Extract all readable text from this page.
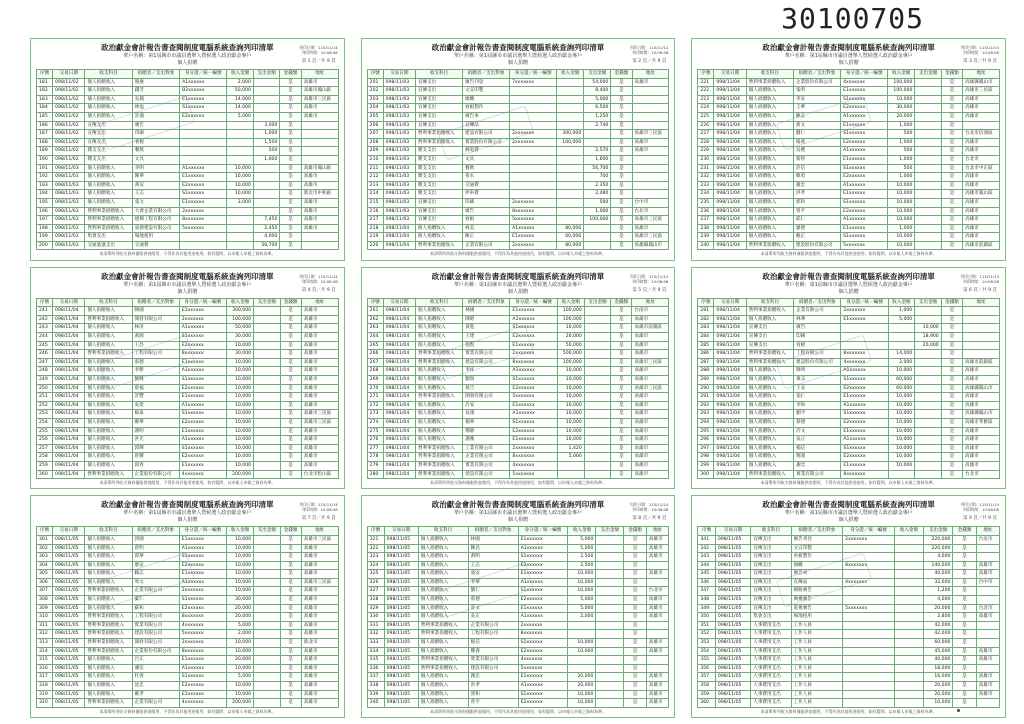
30100705
政治獻金會計報告書查閱制度電腦系統查詢列印清單
華戶名稱：第1屆縣市市議員選舉人暨候選人政治獻金專戶
個人捐贈
列印日期：115/11/14
列印時間：10:08:08
第 1 頁／共 9 頁
序號	交易日期	收支科目	捐贈者／支出對象	身分證／統一編號	收入金額	支出金額	金錢類	地址
181	098/11/02	個人捐贈收入	簡慶	A1xxxxxx	2,000		是	高雄市
182	098/11/02	個人捐贈收入	錢芳	B2xxxxxx	50,000		是	高雄市鳳山區
183	098/11/02	個人捐贈收入	吳鳳	E1xxxxxx	14,000		是	高雄市三民區
184	098/11/02	個人捐贈收入	林盈	S1xxxxxx	14,000		是	高雄市
185	098/11/02	個人捐贈收入	許鴻	E2xxxxxx	5,000		是	高雄市
186	098/11/02	宣傳支出	廣告			3,000	是	
187	098/11/02	宣傳支出	印刷			1,000	是	
188	098/11/02	宣傳支出	看板			1,500	是	
189	098/11/02	雜支支出	餐飲			500	是	
190	098/11/02	雜支支出	文具			1,000	是	
191	098/11/03	個人捐贈收入	李明	A1xxxxxx	10,000		是	高雄市鳳山區
192	098/11/03	個人捐贈收入	陳華	E1xxxxxx	10,000		是	高雄市
193	098/11/03	個人捐贈收入	黃安	E2xxxxxx	10,000		是	高雄市
194	098/11/03	個人捐贈收入	王志	S1xxxxxx	10,000		是	新北市中和區
195	098/11/03	個人捐贈收入	張文	E1xxxxxx	3,000		是	高雄市
196	098/11/03	營利事業捐贈收入	大發企業有限公司	2xxxxxxx			是	高雄市
197	098/11/03	營利事業捐贈收入	德興工程有限公司	8xxxxxxx		7,450	是	高雄市
198	098/11/03	營利事業捐贈收入	東源建設有限公司	5xxxxxxx		2,450	是	高雄市
199	098/11/03	集會支出	場地租用			4,000	是	
200	098/11/03	交通旅運支出	交通費			56,700	是	
本清單所列收支資料僅限供查閱用，不得作為其他用途使用，如有疑問，以申報人申報之資料為準。
政治獻金會計報告書查閱制度電腦系統查詢列印清單
華戶名稱：第1屆縣市市議員選舉人暨候選人政治獻金專戶
個人捐贈
列印日期：115/11/14
列印時間：10:08:08
第 2 頁／共 9 頁
序號	交易日期	收支科目	捐贈者／支出對象	身分證／統一編號	收入金額	支出金額	金錢類	地址
201	098/11/03	宣傳支出	廣告刊登	7xxxxxxx		54,000	是	高雄市
202	098/11/03	宣傳支出	文宣印製			8,400	是	
203	098/11/03	宣傳支出	旗幟			5,000	是	
204	098/11/03	宣傳支出	看板製作			6,500	是	
205	098/11/03	宣傳支出	廣告車			1,250	是	
206	098/11/03	宣傳支出	宣傳品			2,740	是	
207	098/11/03	營利事業捐贈收入	建設有限公司	2xxxxxxx	300,000		是	高雄市三民區
208	098/11/03	營利事業捐贈收入	實業股份有限公司	2xxxxxxx	100,000		是	高雄市
209	098/11/03	雜支支出	郵電費			2,570	是	高雄市
210	098/11/03	雜支支出	文具			1,600	是	
211	098/11/03	雜支支出	餐飲			56,700	是	
212	098/11/03	雜支支出	茶水			700	是	
213	098/11/03	雜支支出	交通費			2,350	是	
214	098/11/03	雜支支出	停車費			2,480	是	
215	098/11/03	宣傳支出	印刷	2xxxxxxx		500	是	台中市
216	098/11/03	宣傳支出	廣告	8xxxxxxx		1,000	是	台北市
217	098/11/03	宣傳支出	看板	5xxxxxxx		100,000	是	高雄市三民區
218	098/11/04	個人捐贈收入	林美	A1xxxxxx	80,000		是	高雄市
219	098/11/04	個人捐贈收入	陳正	E1xxxxxx	60,000		是	高雄市三民區
220	098/11/04	營利事業捐贈收入	企業有限公司	2xxxxxxx	80,000		是	高雄縣鳳山市
本清單所列收支資料僅限供查閱用，不得作為其他用途使用，如有疑問，以申報人申報之資料為準。
政治獻金會計報告書查閱制度電腦系統查詢列印清單
華戶名稱：第1屆縣市市議員選舉人暨候選人政治獻金專戶
個人捐贈
列印日期：115/11/14
列印時間：10:08:08
第 3 頁／共 9 頁
序號	交易日期	收支科目	捐贈者／支出對象	身分證／統一編號	收入金額	支出金額	金錢類	地址
221	098/11/04	營利事業捐贈收入	企業股份有限公司	4xxxxxxx	100,000		是	高雄縣鳳山市
222	098/11/04	個人捐贈收入	張明	E1xxxxxx	100,000		是	高雄市三民區
223	098/11/04	個人捐贈收入	李安	S1xxxxxx	10,000		是	高雄市
224	098/11/04	個人捐贈收入	王華	E2xxxxxx	30,000		是	高雄市
225	098/11/04	個人捐贈收入	陳志	A1xxxxxx	20,000		是	高雄市
226	098/11/04	個人捐贈收入	黃文	E1xxxxxx	1,000		是	
227	098/11/04	個人捐贈收入	劉仁	S1xxxxxx	500		是	台北市信義區
228	098/11/04	個人捐贈收入	楊義	E2xxxxxx	1,000		是	高雄市
229	098/11/04	個人捐贈收入	吳禮	A1xxxxxx	500		是	高雄市
230	098/11/04	個人捐贈收入	蔡智	E1xxxxxx	1,000		是	台北市
231	098/11/04	個人捐贈收入	許信	S1xxxxxx	500		是	台北市中正區
232	098/11/04	個人捐贈收入	鄭勇	E2xxxxxx	1,000		是	高雄市
233	098/11/04	個人捐贈收入	謝忠	A1xxxxxx	10,000		是	高雄市
234	098/11/04	個人捐贈收入	洪孝	E1xxxxxx	10,000		是	高雄市鳳山區
235	098/11/04	個人捐贈收入	郭和	S1xxxxxx	10,000		是	高雄市
236	098/11/04	個人捐贈收入	曾平	E2xxxxxx	10,000		是	高雄市
237	098/11/04	個人捐贈收入	邱仁	A1xxxxxx	10,000		是	高雄市
238	098/11/04	個人捐贈收入	廖德	E1xxxxxx	1,000		是	高雄市
239	098/11/04	個人捐贈收入	賴正	S1xxxxxx	10,000		是	高雄市
240	098/11/04	營利事業捐贈收入	建設股份有限公司	5xxxxxxx	10,000		是	高雄市前鎮區
本清單所列收支資料僅限供查閱用，不得作為其他用途使用，如有疑問，以申報人申報之資料為準。
政治獻金會計報告書查閱制度電腦系統查詢列印清單
華戶名稱：第1屆縣市市議員選舉人暨候選人政治獻金專戶
個人捐贈
列印日期：115/11/14
列印時間：10:08:08
第 4 頁／共 9 頁
序號	交易日期	收支科目	捐贈者／支出對象	身分證／統一編號	收入金額	支出金額	金錢類	地址
241	098/11/04	個人捐贈收入	陳國	E1xxxxxx	300,000		是	高雄市
242	098/11/04	營利事業捐贈收入	開發有限公司	2xxxxxxx	100,000		是	高雄市
243	098/11/04	個人捐贈收入	林清	A1xxxxxx	50,000		是	高雄市
244	098/11/04	個人捐贈收入	黃源	S1xxxxxx	30,000		是	高雄市
245	098/11/04	個人捐贈收入	王昌	E2xxxxxx	10,000		是	高雄市
246	098/11/04	營利事業捐贈收入	工程有限公司	8xxxxxxx	30,000		是	高雄市
247	098/11/04	個人捐贈收入	張德	E1xxxxxx	10,000		是	高雄市
248	098/11/04	個人捐贈收入	李勝	A1xxxxxx	10,000		是	高雄市
249	098/11/04	個人捐贈收入	劉興	S1xxxxxx	10,000		是	高雄市
250	098/11/04	個人捐贈收入	蔡福	E2xxxxxx	10,000		是	高雄市
251	098/11/04	個人捐贈收入	許豐	E1xxxxxx	10,000		是	高雄市
252	098/11/04	個人捐贈收入	吳榮	A1xxxxxx	10,000		是	高雄市
253	098/11/04	個人捐贈收入	楊泰	S1xxxxxx	10,000		是	高雄市三民區
254	098/11/04	個人捐贈收入	鄭華	E2xxxxxx	10,000		是	高雄市三民區
255	098/11/04	個人捐贈收入	謝明	E1xxxxxx	10,000		是	高雄市
256	098/11/04	個人捐贈收入	洪光	A1xxxxxx	10,000		是	高雄市
257	098/11/04	個人捐贈收入	郭輝	S1xxxxxx	10,000		是	高雄市
258	098/11/04	個人捐贈收入	曾耀	E2xxxxxx	10,000		是	高雄市
259	098/11/04	個人捐贈收入	邱春	E1xxxxxx	10,000		是	高雄市
260	098/11/04	營利事業捐贈收入	企業股份有限公司	4xxxxxxx	200,000		是	台北市松山區
本清單所列收支資料僅限供查閱用，不得作為其他用途使用，如有疑問，以申報人申報之資料為準。
政治獻金會計報告書查閱制度電腦系統查詢列印清單
華戶名稱：第1屆縣市市議員選舉人暨候選人政治獻金專戶
個人捐贈
列印日期：115/11/14
列印時間：10:08:08
第 5 頁／共 9 頁
序號	交易日期	收支科目	捐贈者／支出對象	身分證／統一編號	收入金額	支出金額	金錢類	地址
261	098/11/04	個人捐贈收入	林國	E1xxxxxx	100,000		是	台南市
262	098/11/04	個人捐贈收入	陳昭	A1xxxxxx	100,000		是	高雄市
263	098/11/04	個人捐贈收入	黃進	S1xxxxxx	10,000		是	高雄市前鎮區
264	098/11/04	個人捐贈收入	王建	E2xxxxxx	20,000		是	高雄市
265	098/11/04	個人捐贈收入	張賢	E1xxxxxx	50,000		是	高雄市
266	098/11/04	營利事業捐贈收入	實業有限公司	2xxxxxxx	500,000		是	高雄市
267	098/11/04	營利事業捐贈收入	建設有限公司	8xxxxxxx	100,000		是	高雄市三民區
268	098/11/04	個人捐贈收入	李祥	A1xxxxxx	10,000		是	高雄市
269	098/11/04	個人捐贈收入	劉瑞	S1xxxxxx	10,000		是	高雄市
270	098/11/04	個人捐贈收入	蔡吉	E2xxxxxx	10,000		是	高雄市三民區
271	098/11/04	營利事業捐贈收入	開發有限公司	5xxxxxxx	10,000		是	高雄市
272	098/11/04	個人捐贈收入	許安	E1xxxxxx	10,000		是	高雄市
273	098/11/04	個人捐贈收入	吳康	A1xxxxxx	10,000		是	高雄市
274	098/11/04	個人捐贈收入	楊寧	S1xxxxxx	10,000		是	高雄市
275	098/11/04	個人捐贈收入	鄭靜	E2xxxxxx	10,000		是	高雄市
276	098/11/04	個人捐贈收入	謝雅	E1xxxxxx	10,000		是	高雄市
277	098/11/04	營利事業捐贈收入	工業有限公司	2xxxxxxx	1,420		是	高雄市
278	098/11/04	營利事業捐贈收入	企業有限公司	8xxxxxxx	5,000		是	高雄市
279	098/11/04	營利事業捐贈收入	實業有限公司	4xxxxxxx			是	高雄市
280	098/11/04	營利事業捐贈收入	建設有限公司	5xxxxxxx			是	高雄市
本清單所列收支資料僅限供查閱用，不得作為其他用途使用，如有疑問，以申報人申報之資料為準。
政治獻金會計報告書查閱制度電腦系統查詢列印清單
華戶名稱：第1屆縣市市議員選舉人暨候選人政治獻金專戶
個人捐贈
列印日期：115/11/14
列印時間：10:08:08
第 6 頁／共 9 頁
序號	交易日期	收支科目	捐贈者／支出對象	身分證／統一編號	收入金額	支出金額	金錢類	地址
281	098/11/04	營利事業捐贈收入	企業有限公司	2xxxxxxx	1,000		是	
282	098/11/04	個人捐贈收入	林華	E1xxxxxx	5,000		是	
283	098/11/04	宣傳支出	廣告			10,000	是	
284	098/11/04	宣傳支出	印刷			18,900	是	
285	098/11/04	宣傳支出	看板			20,000	是	
286	098/11/04	營利事業捐贈收入	工程有限公司	8xxxxxxx	14,000		是	
287	098/11/04	營利事業捐贈收入	建設股份有限公司	4xxxxxxx	2,000		是	高雄市前鎮區
288	098/11/04	個人捐贈收入	陳明	A1xxxxxx	10,000		是	高雄市
289	098/11/04	個人捐贈收入	黃志	S1xxxxxx	60,000		是	高雄市
290	098/11/04	個人捐贈收入	王安	E2xxxxxx	60,000		是	高雄縣鳳山市
291	098/11/04	個人捐贈收入	張仁	E1xxxxxx	10,000		是	高雄市
292	098/11/04	個人捐贈收入	李和	A1xxxxxx	10,000		是	高雄市
293	098/11/04	個人捐贈收入	劉平	S1xxxxxx	10,000		是	高雄縣鳳山市
294	098/11/04	個人捐贈收入	蔡德	E2xxxxxx	10,000		是	高雄市苓雅區
295	098/11/04	個人捐贈收入	許文	E1xxxxxx	10,000		是	高雄市
296	098/11/04	個人捐贈收入	吳正	A1xxxxxx	10,000		是	高雄市
297	098/11/04	個人捐贈收入	楊信	S1xxxxxx	10,000		是	高雄市
298	098/11/04	個人捐贈收入	鄭義	E2xxxxxx	10,000		是	高雄市
299	098/11/04	個人捐贈收入	謝忠	E1xxxxxx	10,000		是	高雄市
300	098/11/04	營利事業捐贈收入	實業有限公司	8xxxxxxx			是	台北市
本清單所列收支資料僅限供查閱用，不得作為其他用途使用，如有疑問，以申報人申報之資料為準。
政治獻金會計報告書查閱制度電腦系統查詢列印清單
華戶名稱：第1屆縣市市議員選舉人暨候選人政治獻金專戶
個人捐贈
列印日期：115/11/14
列印時間：10:08:08
第 7 頁／共 9 頁
序號	交易日期	收支科目	捐贈者／支出對象	身分證／統一編號	收入金額	支出金額	金錢類	地址
301	098/11/05	個人捐贈收入	郭國	E1xxxxxx	10,000		是	高雄市三民區
302	098/11/05	個人捐贈收入	曾明	A1xxxxxx	10,000		是	高雄市
303	098/11/05	個人捐贈收入	邱華	S1xxxxxx	10,000		是	高雄市
304	098/11/05	個人捐贈收入	廖安	E2xxxxxx	10,000		是	高雄市
305	098/11/05	個人捐贈收入	賴志	E1xxxxxx	10,000		是	高雄市
306	098/11/05	個人捐贈收入	周文	A1xxxxxx	10,000		是	高雄市三民區
307	098/11/05	營利事業捐贈收入	企業有限公司	2xxxxxxx	10,000		是	高雄市
308	098/11/05	個人捐贈收入	葉仁	S1xxxxxx	30,000		是	高雄市
309	098/11/05	個人捐贈收入	蘇和	E2xxxxxx	20,000		是	高雄市
310	098/11/05	營利事業捐贈收入	工程有限公司	8xxxxxxx	20,000		是	高雄市
311	098/11/05	營利事業捐贈收入	實業有限公司	4xxxxxxx	5,000		是	高雄市
312	098/11/05	營利事業捐贈收入	建設有限公司	5xxxxxxx	2,000		是	高雄市
313	098/11/05	營利事業捐贈收入	開發有限公司	2xxxxxxx	10,000		是	新北市
314	098/11/05	營利事業捐贈收入	企業股份有限公司	8xxxxxxx	10,000		是	高雄市
315	098/11/05	個人捐贈收入	呂正	E1xxxxxx	20,000		是	高雄市
316	098/11/05	個人捐贈收入	潘信	A1xxxxxx	10,000		是	高雄市
317	098/11/05	個人捐贈收入	杜義	S1xxxxxx	5,000		是	高雄市
318	098/11/05	個人捐贈收入	沈忠	E2xxxxxx	10,000		是	高雄市
319	098/11/05	個人捐贈收入	戴孝	E1xxxxxx	10,000		是	高雄市
320	098/11/05	營利事業捐贈收入	企業有限公司	4xxxxxxx	200,000		是	高雄市
本清單所列收支資料僅限供查閱用，不得作為其他用途使用，如有疑問，以申報人申報之資料為準。
政治獻金會計報告書查閱制度電腦系統查詢列印清單
華戶名稱：第1屆縣市市議員選舉人暨候選人政治獻金專戶
個人捐贈
列印日期：115/11/14
列印時間：10:08:08
第 8 頁／共 9 頁
序號	交易日期	收支科目	捐贈者／支出對象	身分證／統一編號	收入金額	支出金額	金錢類	地址
321	098/11/05	個人捐贈收入	林國	E1xxxxxx	5,000		是	高雄市
322	098/11/05	個人捐贈收入	陳昌	A1xxxxxx	5,000		是	高雄市
323	098/11/05	個人捐贈收入	黃明	S1xxxxxx	2,500		是	高雄市
324	098/11/05	個人捐贈收入	王志	E2xxxxxx	2,500		是	
325	098/11/05	個人捐贈收入	張安	E1xxxxxx	10,000		是	高雄市
326	098/11/05	個人捐贈收入	李華	A1xxxxxx	10,000		是	
327	098/11/05	個人捐贈收入	劉仁	S1xxxxxx	10,000		是	台北市
328	098/11/05	個人捐贈收入	蔡德	E2xxxxxx	5,000		是	高雄市
329	098/11/05	個人捐贈收入	許文	E1xxxxxx	5,000		是	高雄市
330	098/11/05	個人捐贈收入	吳正	A1xxxxxx	2,000		是	高雄市
331	098/11/05	營利事業捐贈收入	企業有限公司	2xxxxxxx			是	
332	098/11/05	營利事業捐贈收入	工程有限公司	8xxxxxxx			是	
333	098/11/05	個人捐贈收入	楊信	S1xxxxxx	10,000		是	高雄市
334	098/11/05	個人捐贈收入	鄭義	E2xxxxxx	10,000		是	高雄市
335	098/11/05	營利事業捐贈收入	實業有限公司	4xxxxxxx			是	
336	098/11/05	營利事業捐贈收入	建設有限公司	5xxxxxxx			是	
337	098/11/05	個人捐贈收入	謝忠	E1xxxxxx	20,000		是	高雄市
338	098/11/05	個人捐贈收入	洪孝	A1xxxxxx	20,000		是	高雄市
339	098/11/05	個人捐贈收入	郭和	S1xxxxxx	10,000		是	高雄市
340	098/11/05	個人捐贈收入	曾平	E2xxxxxx	10,000		是	高雄市
本清單所列收支資料僅限供查閱用，不得作為其他用途使用，如有疑問，以申報人申報之資料為準。
政治獻金會計報告書查閱制度電腦系統查詢列印清單
華戶名稱：第1屆縣市市議員選舉人暨候選人政治獻金專戶
個人捐贈
列印日期：115/11/14
列印時間：10:08:08
第 9 頁／共 9 頁
序號	交易日期	收支科目	捐贈者／支出對象	身分證／統一編號	收入金額	支出金額	金錢類	地址
341	098/11/05	宣傳支出	廣告刊登	2xxxxxxx		220,000	是	台北市
342	098/11/05	宣傳支出	文宣印製			220,000	是	
343	098/11/05	宣傳支出	看板製作			4,000	是	
344	098/11/05	宣傳支出	旗幟	8xxxxxxx		140,000	是	高雄市
345	098/11/05	宣傳支出	廣告車			40,000	是	高雄市
346	098/11/05	宣傳支出	宣傳品	4xxxxxxx		32,000	是	台中市
347	098/11/05	宣傳支出	網路廣告			1,200	是	
348	098/11/05	宣傳支出	廣播廣告			4,000	是	
349	098/11/05	宣傳支出	電視廣告	5xxxxxxx		20,000	是	台北市
350	098/11/05	集會支出	場地租用			2,800	是	高雄市
351	098/11/05	人事費用支出	工作人員			42,000	是	
352	098/11/05	人事費用支出	工作人員			42,000	是	
353	098/11/05	人事費用支出	工作人員			60,000	是	
354	098/11/05	人事費用支出	工作人員			45,000	是	高雄市
355	098/11/05	人事費用支出	工作人員			40,000	是	高雄市
356	098/11/05	人事費用支出	工作人員			18,000	是	
357	098/11/05	人事費用支出	工作人員			16,000	是	高雄市
358	098/11/05	人事費用支出	工作人員			20,000	是	高雄市
359	098/11/05	人事費用支出	工作人員			20,000	是	高雄市
360	098/11/05	人事費用支出	工作人員			10,000	是	
本清單所列收支資料僅限供查閱用，不得作為其他用途使用，如有疑問，以申報人申報之資料為準。
